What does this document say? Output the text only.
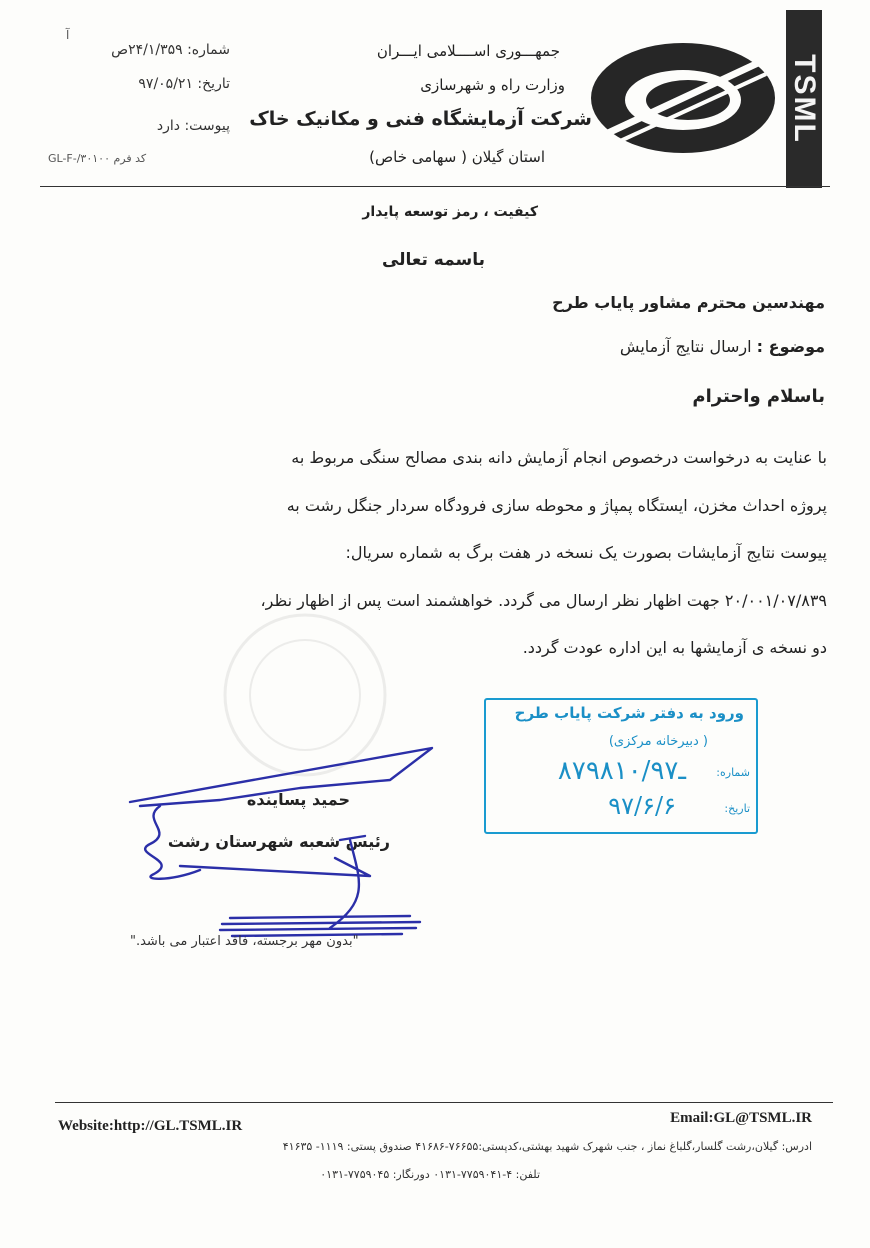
TSML
جمهـــوری اســــلامی ایـــران
وزارت راه و شهرسازی
شرکت آزمایشگاه فنی و مکانیک خاک
استان گیلان ( سهامی خاص)
آ
شماره: ۲۴/۱/۳۵۹ص
تاریخ: ۹۷/۰۵/۲۱
پیوست: دارد
کد فرم GL-F-/۳۰۱۰۰
کیفیت ، رمز توسعه پایدار
باسمه تعالی
مهندسین محترم مشاور پایاب طرح
موضوع : ارسال نتایج آزمایش
باسلام واحترام
با عنایت به درخواست درخصوص انجام آزمایش دانه بندی مصالح سنگی مربوط به
پروژه احداث مخزن، ایستگاه پمپاژ و محوطه سازی فرودگاه سردار جنگل رشت به
پیوست نتایج آزمایشات بصورت یک نسخه در هفت برگ به شماره سریال:
۲۰/۰۰۱/۰۷/۸۳۹ جهت اظهار نظر ارسال می گردد. خواهشمند است پس از اظهار نظر،
دو نسخه ی آزمایشها به این اداره عودت گردد.
ورود به دفتر شرکت پایاب طرح
( دبیرخانه مرکزی)
شماره:
تاریخ:
۸۷۹۸ـ۱۰/۹۷
۹۷/۶/۶
حمید پساینده
رئیس شعبه شهرستان رشت
"بدون مهر برجسته، فاقد اعتبار می باشد."
Website:http://GL.TSML.IR	Email:GL@TSML.IR
ادرس: گیلان،رشت گلسار،گلباغ نماز ، جنب شهرک شهید بهشتی،کدپستی:۷۶۶۵۵-۴۱۶۸۶ صندوق پستی: ۱۱۱۹- ۴۱۶۳۵
تلفن: ۴-۷۷۵۹۰۴۱-۰۱۳۱ دورنگار: ۷۷۵۹۰۴۵-۰۱۳۱
